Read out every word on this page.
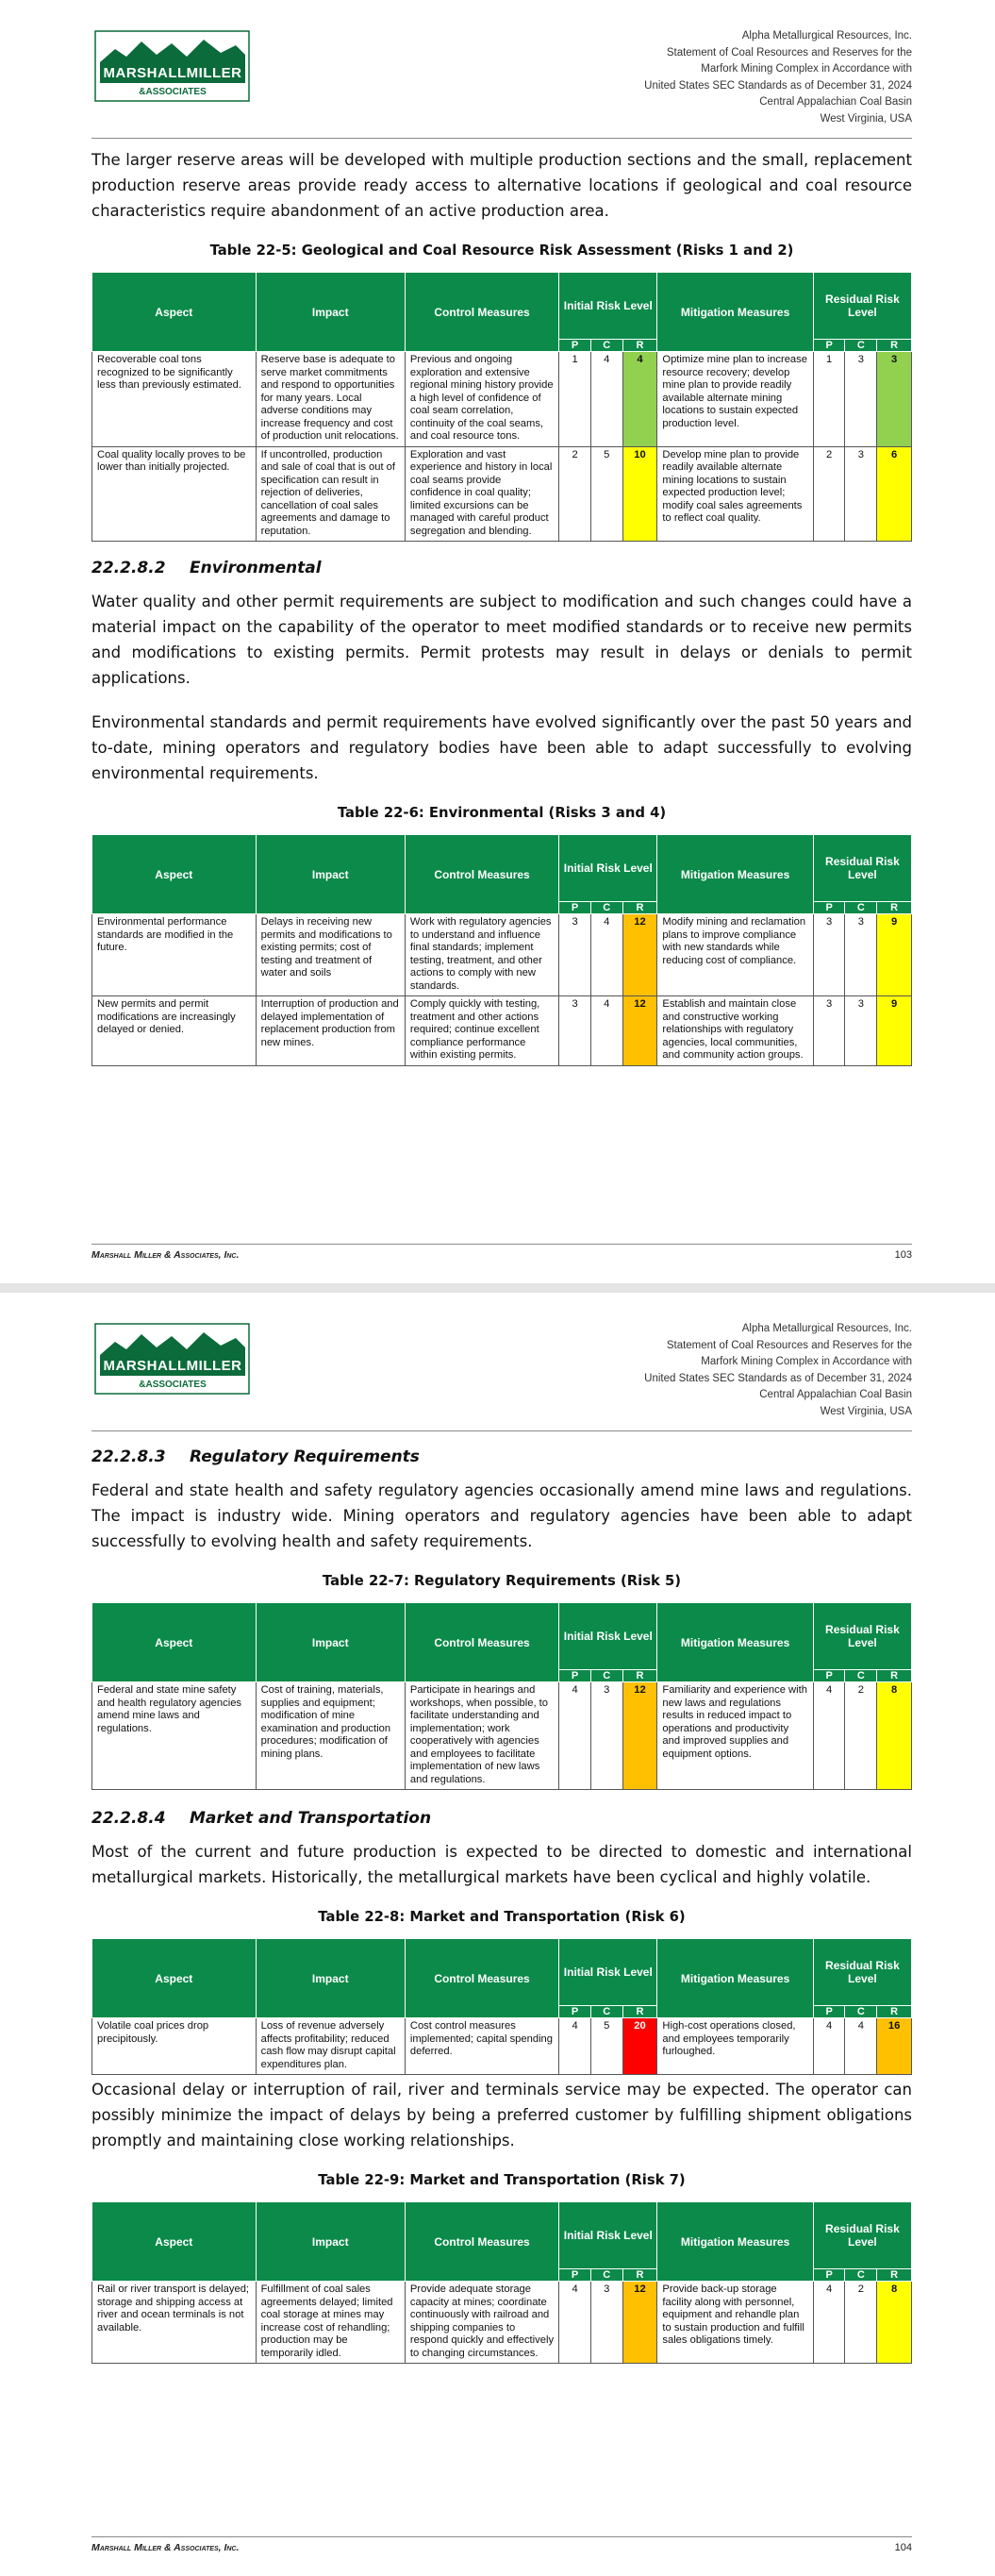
MARSHALLMILLER
&ASSOCIATES
Alpha Metallurgical Resources, Inc.
Statement of Coal Resources and Reserves for the
Marfork Mining Complex in Accordance with
United States SEC Standards as of December 31, 2024
Central Appalachian Coal Basin
West Virginia, USA

The larger reserve areas will be developed with multiple production sections and the small, replacement production reserve areas provide ready access to alternative locations if geological and coal resource characteristics require abandonment of an active production area.

Table 22-5: Geological and Coal Resource Risk Assessment (Risks 1 and 2)
Aspect	Impact	Control Measures	Initial Risk Level			Mitigation Measures	Residual Risk Level		
			P	C	R		P	C	R
Recoverable coal tons recognized to be significantly less than previously estimated.	Reserve base is adequate to serve market commitments and respond to opportunities for many years. Local adverse conditions may increase frequency and cost of production unit relocations.	Previous and ongoing exploration and extensive regional mining history provide a high level of confidence of coal seam correlation, continuity of the coal seams, and coal resource tons.	1	4	4	Optimize mine plan to increase resource recovery; develop mine plan to provide readily available alternate mining locations to sustain expected production level.	1	3	3
Coal quality locally proves to be lower than initially projected.	If uncontrolled, production and sale of coal that is out of specification can result in rejection of deliveries, cancellation of coal sales agreements and damage to reputation.	Exploration and vast experience and history in local coal seams provide confidence in coal quality; limited excursions can be managed with careful product segregation and blending.	2	5	10	Develop mine plan to provide readily available alternate mining locations to sustain expected production level; modify coal sales agreements to reflect coal quality.	2	3	6
22.2.8.2 Environmental

Water quality and other permit requirements are subject to modification and such changes could have a material impact on the capability of the operator to meet modified standards or to receive new permits and modifications to existing permits. Permit protests may result in delays or denials to permit applications.

Environmental standards and permit requirements have evolved significantly over the past 50 years and to-date, mining operators and regulatory bodies have been able to adapt successfully to evolving environmental requirements.

Table 22-6: Environmental (Risks 3 and 4)
Aspect	Impact	Control Measures	Initial Risk Level			Mitigation Measures	Residual Risk Level		
			P	C	R		P	C	R
Environmental performance standards are modified in the future.	Delays in receiving new permits and modifications to existing permits; cost of testing and treatment of water and soils	Work with regulatory agencies to understand and influence final standards; implement testing, treatment, and other actions to comply with new standards.	3	4	12	Modify mining and reclamation plans to improve compliance with new standards while reducing cost of compliance.	3	3	9
New permits and permit modifications are increasingly delayed or denied.	Interruption of production and delayed implementation of replacement production from new mines.	Comply quickly with testing, treatment and other actions required; continue excellent compliance performance within existing permits.	3	4	12	Establish and maintain close and constructive working relationships with regulatory agencies, local communities, and community action groups.	3	3	9
Marshall Miller & Associates, Inc.	103
MARSHALLMILLER
&ASSOCIATES
Alpha Metallurgical Resources, Inc.
Statement of Coal Resources and Reserves for the
Marfork Mining Complex in Accordance with
United States SEC Standards as of December 31, 2024
Central Appalachian Coal Basin
West Virginia, USA
22.2.8.3 Regulatory Requirements

Federal and state health and safety regulatory agencies occasionally amend mine laws and regulations. The impact is industry wide. Mining operators and regulatory agencies have been able to adapt successfully to evolving health and safety requirements.

Table 22-7: Regulatory Requirements (Risk 5)
Aspect	Impact	Control Measures	Initial Risk Level			Mitigation Measures	Residual Risk Level		
			P	C	R		P	C	R
Federal and state mine safety and health regulatory agencies amend mine laws and regulations.	Cost of training, materials, supplies and equipment; modification of mine examination and production procedures; modification of mining plans.	Participate in hearings and workshops, when possible, to facilitate understanding and implementation; work cooperatively with agencies and employees to facilitate implementation of new laws and regulations.	4	3	12	Familiarity and experience with new laws and regulations results in reduced impact to operations and productivity and improved supplies and equipment options.	4	2	8
22.2.8.4 Market and Transportation

Most of the current and future production is expected to be directed to domestic and international metallurgical markets. Historically, the metallurgical markets have been cyclical and highly volatile.

Table 22-8: Market and Transportation (Risk 6)
Aspect	Impact	Control Measures	Initial Risk Level			Mitigation Measures	Residual Risk Level		
			P	C	R		P	C	R
Volatile coal prices drop precipitously.	Loss of revenue adversely affects profitability; reduced cash flow may disrupt capital expenditures plan.	Cost control measures implemented; capital spending deferred.	4	5	20	High-cost operations closed, and employees temporarily furloughed.	4	4	16

Occasional delay or interruption of rail, river and terminals service may be expected. The operator can possibly minimize the impact of delays by being a preferred customer by fulfilling shipment obligations promptly and maintaining close working relationships.

Table 22-9: Market and Transportation (Risk 7)
Aspect	Impact	Control Measures	Initial Risk Level			Mitigation Measures	Residual Risk Level		
			P	C	R		P	C	R
Rail or river transport is delayed; storage and shipping access at river and ocean terminals is not available.	Fulfillment of coal sales agreements delayed; limited coal storage at mines may increase cost of rehandling; production may be temporarily idled.	Provide adequate storage capacity at mines; coordinate continuously with railroad and shipping companies to respond quickly and effectively to changing circumstances.	4	3	12	Provide back-up storage facility along with personnel, equipment and rehandle plan to sustain production and fulfill sales obligations timely.	4	2	8
Marshall Miller & Associates, Inc.	104
